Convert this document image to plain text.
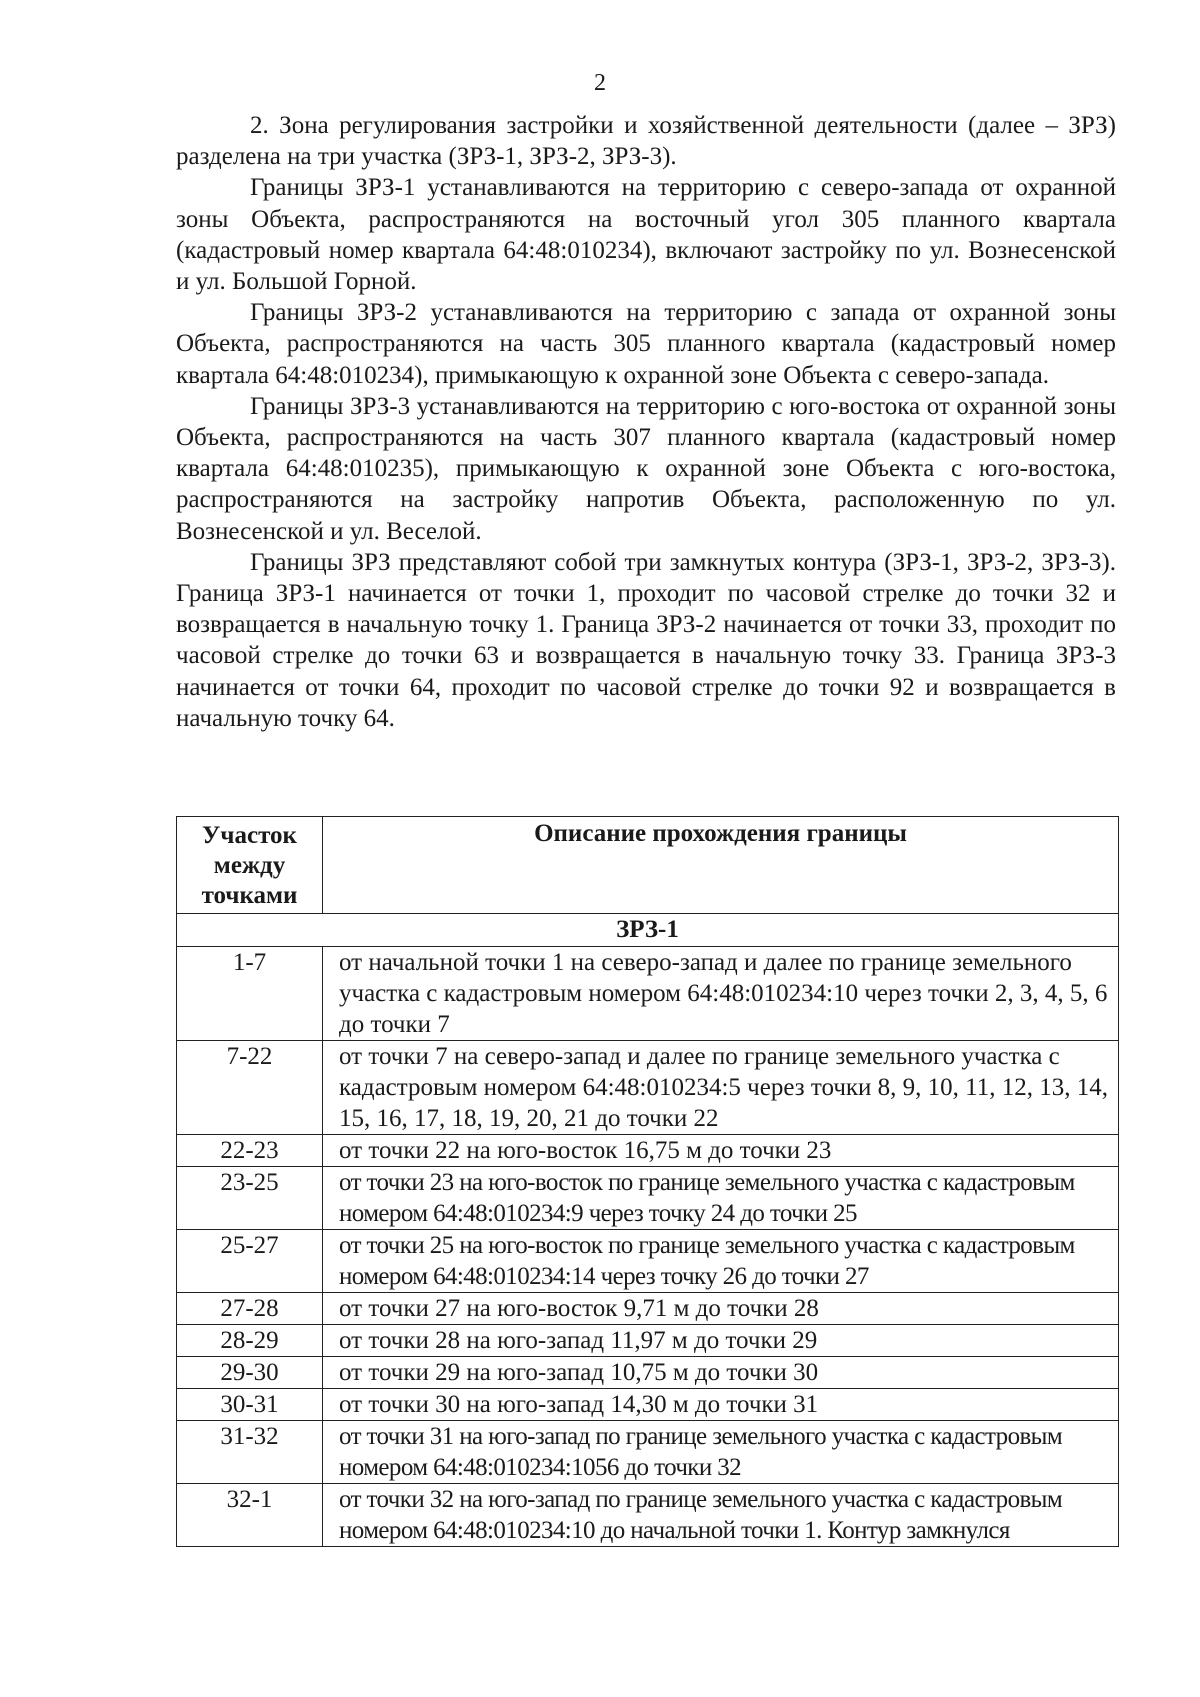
2

2. Зона регулирования застройки и хозяйственной деятельности (далее – ЗРЗ) разделена на три участка (ЗРЗ-1, ЗРЗ-2, ЗРЗ-3).

Границы ЗРЗ-1 устанавливаются на территорию с северо-запада от охранной зоны Объекта, распространяются на восточный угол 305 планного квартала (кадастровый номер квартала 64:48:010234), включают застройку по ул. Вознесенской и ул. Большой Горной.

Границы ЗРЗ-2 устанавливаются на территорию с запада от охранной зоны Объекта, распространяются на часть 305 планного квартала (кадастровый номер квартала 64:48:010234), примыкающую к охранной зоне Объекта с северо-запада.

Границы ЗРЗ-3 устанавливаются на территорию с юго-востока от охранной зоны Объекта, распространяются на часть 307 планного квартала (кадастровый номер квартала 64:48:010235), примыкающую к охранной зоне Объекта с юго-востока, распространяются на застройку напротив Объекта, расположенную по ул. Вознесенской и ул. Веселой.

Границы ЗРЗ представляют собой три замкнутых контура (ЗРЗ-1, ЗРЗ-2, ЗРЗ-3). Граница ЗРЗ-1 начинается от точки 1, проходит по часовой стрелке до точки 32 и возвращается в начальную точку 1. Граница ЗРЗ-2 начинается от точки 33, проходит по часовой стрелке до точки 63 и возвращается в начальную точку 33. Граница ЗРЗ-3 начинается от точки 64, проходит по часовой стрелке до точки 92 и возвращается в начальную точку 64.

Участок между точками	Описание прохождения границы
ЗРЗ-1	
1-7	от начальной точки 1 на северо-запад и далее по границе земельного участка с кадастровым номером 64:48:010234:10 через точки 2, 3, 4, 5, 6 до точки 7
7-22	от точки 7 на северо-запад и далее по границе земельного участка с кадастровым номером 64:48:010234:5 через точки 8, 9, 10, 11, 12, 13, 14, 15, 16, 17, 18, 19, 20, 21 до точки 22
22-23	от точки 22 на юго-восток 16,75 м до точки 23
23-25	от точки 23 на юго-восток по границе земельного участка с кадастровым номером 64:48:010234:9 через точку 24 до точки 25
25-27	от точки 25 на юго-восток по границе земельного участка с кадастровым номером 64:48:010234:14 через точку 26 до точки 27
27-28	от точки 27 на юго-восток 9,71 м до точки 28
28-29	от точки 28 на юго-запад 11,97 м до точки 29
29-30	от точки 29 на юго-запад 10,75 м до точки 30
30-31	от точки 30 на юго-запад 14,30 м до точки 31
31-32	от точки 31 на юго-запад по границе земельного участка с кадастровым номером 64:48:010234:1056 до точки 32
32-1	от точки 32 на юго-запад по границе земельного участка с кадастровым номером 64:48:010234:10 до начальной точки 1. Контур замкнулся
